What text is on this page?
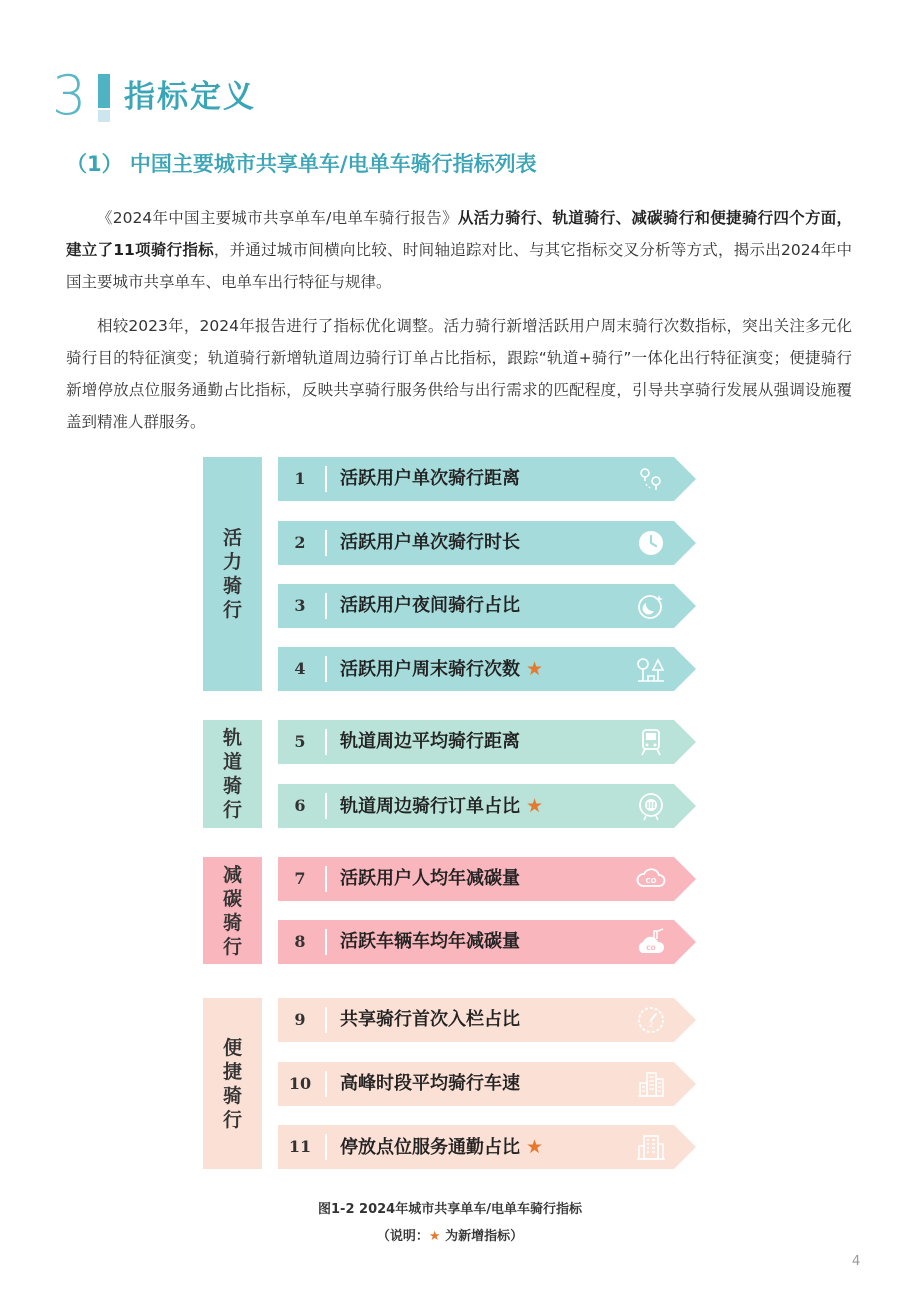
3 指标定义
（1） 中国主要城市共享单车/电单车骑行指标列表
《2024年中国主要城市共享单车/电单车骑行报告》从活力骑行、轨道骑行、减碳骑行和便捷骑行四个方面，建立了11项骑行指标，并通过城市间横向比较、时间轴追踪对比、与其它指标交叉分析等方式，揭示出2024年中国主要城市共享单车、电单车出行特征与规律。
相较2023年，2024年报告进行了指标优化调整。活力骑行新增活跃用户周末骑行次数指标，突出关注多元化骑行目的特征演变；轨道骑行新增轨道周边骑行订单占比指标，跟踪“轨道+骑行”一体化出行特征演变；便捷骑行新增停放点位服务通勤占比指标，反映共享骑行服务供给与出行需求的匹配程度，引导共享骑行发展从强调设施覆盖到精准人群服务。
活
力
骑
行
轨
道
骑
行
减
碳
骑
行
便
捷
骑
行
1	活跃用户单次骑行距离
2	活跃用户单次骑行时长
3	活跃用户夜间骑行占比
4	活跃用户周末骑行次数 ★
5	轨道周边平均骑行距离
6	轨道周边骑行订单占比 ★
7	活跃用户人均年减碳量	CO
8	活跃车辆车均年减碳量	CO
9	共享骑行首次入栏占比	2
10	高峰时段平均骑行车速
11	停放点位服务通勤占比 ★
图1-2 2024年城市共享单车/电单车骑行指标
（说明：★ 为新增指标）
4
